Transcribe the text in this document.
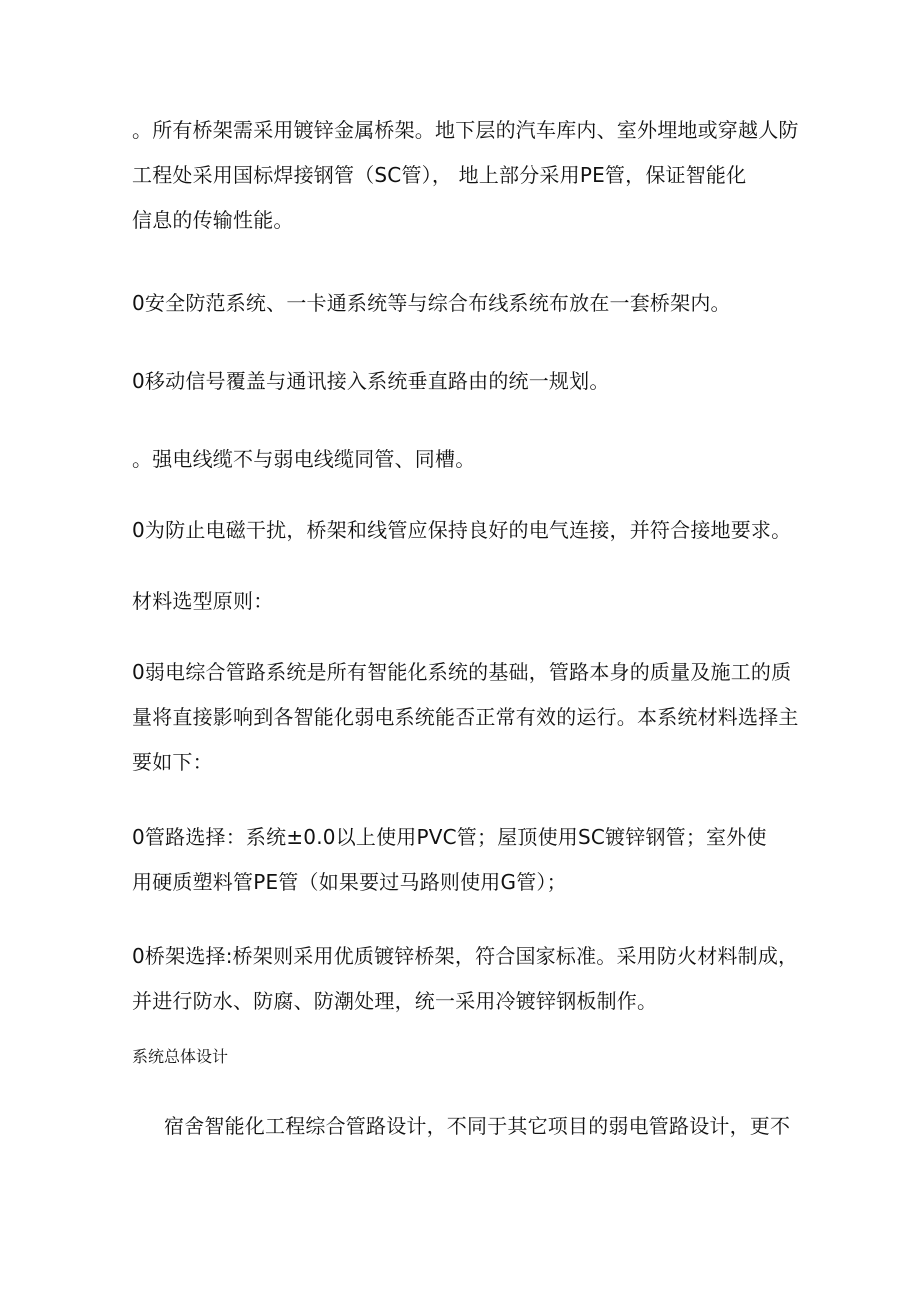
。所有桥架需采用镀锌金属桥架。地下层的汽车库内、室外埋地或穿越人防
工程处采用国标焊接钢管（SC管）， 地上部分采用PE管，保证智能化
信息的传输性能。

0安全防范系统、一卡通系统等与综合布线系统布放在一套桥架内。

0移动信号覆盖与通讯接入系统垂直路由的统一规划。

。强电线缆不与弱电线缆同管、同槽。

0为防止电磁干扰，桥架和线管应保持良好的电气连接，并符合接地要求。

材料选型原则：

0弱电综合管路系统是所有智能化系统的基础，管路本身的质量及施工的质
量将直接影响到各智能化弱电系统能否正常有效的运行。本系统材料选择主
要如下：

0管路选择：系统±0.0以上使用PVC管；屋顶使用SC镀锌钢管；室外使
用硬质塑料管PE管（如果要过马路则使用G管）；

0桥架选择:桥架则采用优质镀锌桥架，符合国家标准。采用防火材料制成，
并进行防水、防腐、防潮处理，统一采用冷镀锌钢板制作。

系统总体设计

宿舍智能化工程综合管路设计，不同于其它项目的弱电管路设计，更不
